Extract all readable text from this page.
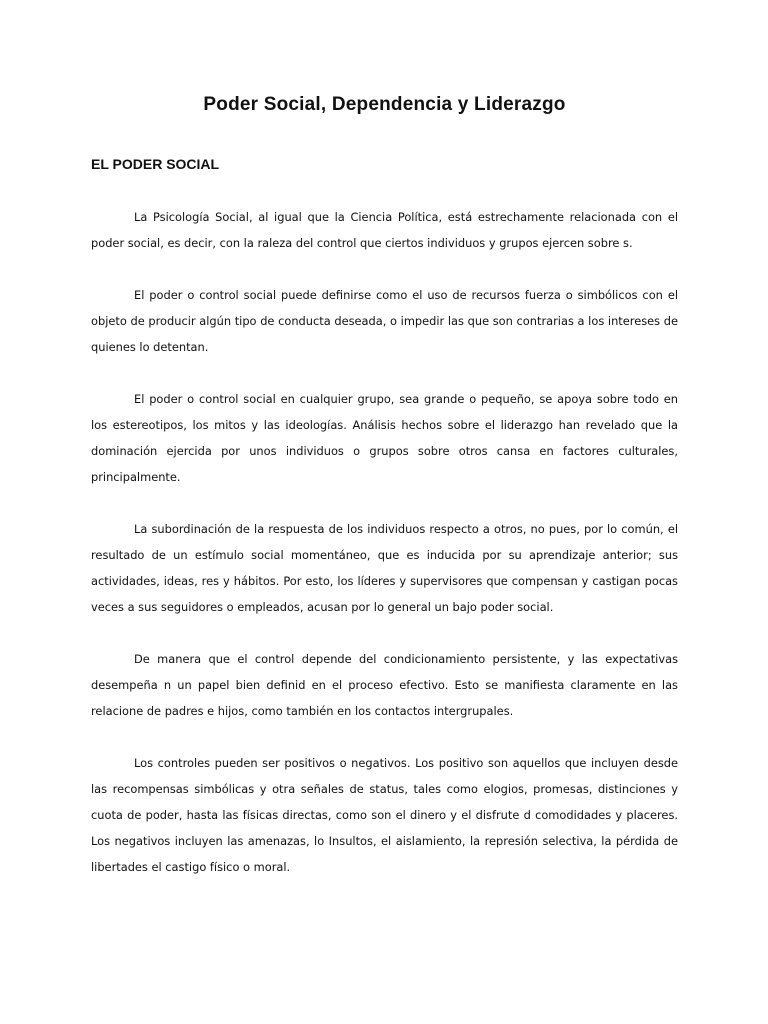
Poder Social, Dependencia y Liderazgo
EL PODER SOCIAL

La Psicología Social, al igual que la Ciencia Política, está estrechamente relacionada con el poder social, es decir, con la raleza del control que ciertos individuos y grupos ejercen sobre s.

El poder o control social puede definirse como el uso de recursos fuerza o simbólicos con el objeto de producir algún tipo de conducta deseada, o impedir las que son contrarias a los intereses de quienes lo detentan.

El poder o control social en cualquier grupo, sea grande o pequeño, se apoya sobre todo en los estereotipos, los mitos y las ideologías. Análisis hechos sobre el liderazgo han revelado que la dominación ejercida por unos individuos o grupos sobre otros cansa en factores culturales, principalmente.

La subordinación de la respuesta de los individuos respecto a otros, no pues, por lo común, el resultado de un estímulo social momentáneo, que es inducida por su aprendizaje anterior; sus actividades, ideas, res y hábitos. Por esto, los líderes y supervisores que compensan y castigan pocas veces a sus seguidores o empleados, acusan por lo general un bajo poder social.

De manera que el control depende del condicionamiento persistente, y las expectativas desempeña n un papel bien definid en el proceso efectivo. Esto se manifiesta claramente en las relacione de padres e hijos, como también en los contactos intergrupales.

Los controles pueden ser positivos o negativos. Los positivo son aquellos que incluyen desde las recompensas simbólicas y otra señales de status, tales como elogios, promesas, distinciones y cuota de poder, hasta las físicas directas, como son el dinero y el disfrute d comodidades y placeres. Los negativos incluyen las amenazas, lo Insultos, el aislamiento, la represión selectiva, la pérdida de libertades el castigo físico o moral.
